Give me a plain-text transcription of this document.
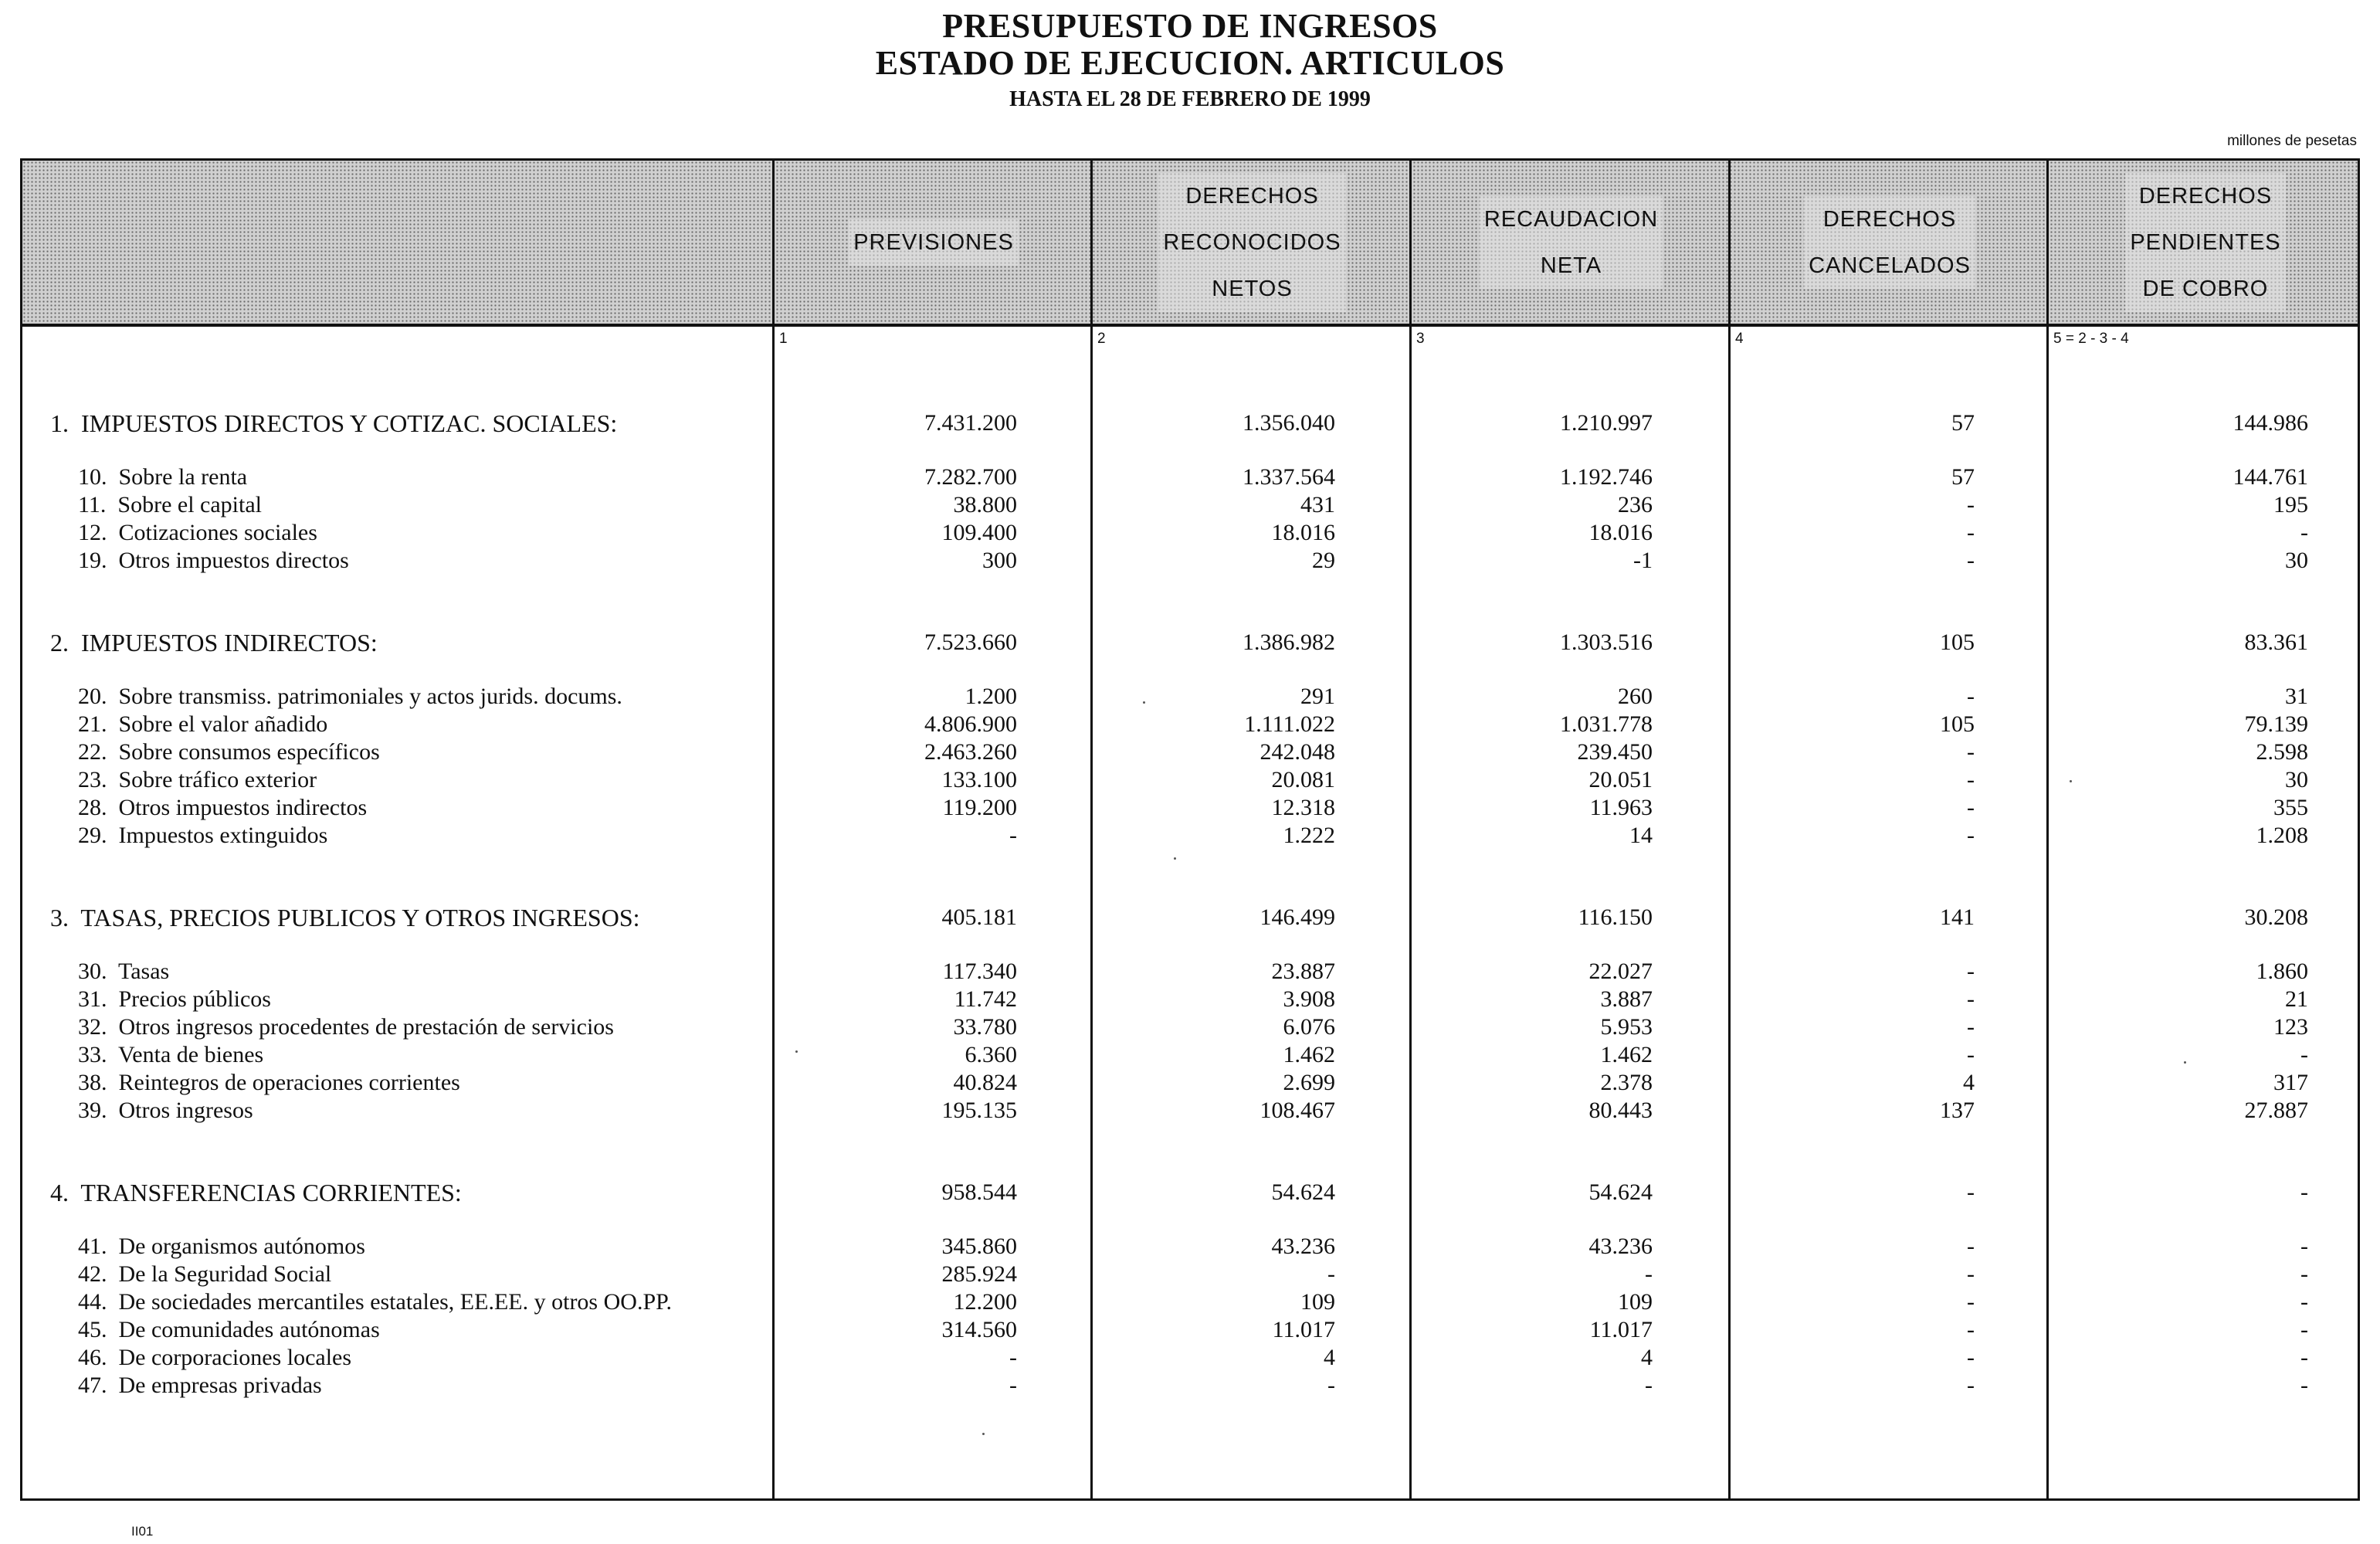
PRESUPUESTO DE INGRESOS
ESTADO DE EJECUCION. ARTICULOS
HASTA EL 28 DE FEBRERO DE 1999
millones de pesetas
PREVISIONES
1
DERECHOS
RECONOCIDOS
NETOS
2
RECAUDACION
NETA
3
DERECHOS
CANCELADOS
4
DERECHOS
PENDIENTES
DE COBRO
5 = 2 - 3 - 4
1.  IMPUESTOS DIRECTOS Y COTIZAC. SOCIALES:	7.431.200	1.356.040	1.210.997	57	144.986
10.  Sobre la renta	7.282.700	1.337.564	1.192.746	57	144.761
11.  Sobre el capital	38.800	431	236	-	195
12.  Cotizaciones sociales	109.400	18.016	18.016	-	-
19.  Otros impuestos directos	300	29	-1	-	30
2.  IMPUESTOS INDIRECTOS:	7.523.660	1.386.982	1.303.516	105	83.361
20.  Sobre transmiss. patrimoniales y actos jurids. docums.	1.200	291	260	-	31
21.  Sobre el valor añadido	4.806.900	1.111.022	1.031.778	105	79.139
22.  Sobre consumos específicos	2.463.260	242.048	239.450	-	2.598
23.  Sobre tráfico exterior	133.100	20.081	20.051	-	30
28.  Otros impuestos indirectos	119.200	12.318	11.963	-	355
29.  Impuestos extinguidos	-	1.222	14	-	1.208
3.  TASAS, PRECIOS PUBLICOS Y OTROS INGRESOS:	405.181	146.499	116.150	141	30.208
30.  Tasas	117.340	23.887	22.027	-	1.860
31.  Precios públicos	11.742	3.908	3.887	-	21
32.  Otros ingresos procedentes de prestación de servicios	33.780	6.076	5.953	-	123
33.  Venta de bienes	6.360	1.462	1.462	-	-
38.  Reintegros de operaciones corrientes	40.824	2.699	2.378	4	317
39.  Otros ingresos	195.135	108.467	80.443	137	27.887
4.  TRANSFERENCIAS CORRIENTES:	958.544	54.624	54.624	-	-
41.  De organismos autónomos	345.860	43.236	43.236	-	-
42.  De la Seguridad Social	285.924	-	-	-	-
44.  De sociedades mercantiles estatales, EE.EE. y otros OO.PP.	12.200	109	109	-	-
45.  De comunidades autónomas	314.560	11.017	11.017	-	-
46.  De corporaciones locales	-	4	4	-	-
47.  De empresas privadas	-	-	-	-	-
II01
